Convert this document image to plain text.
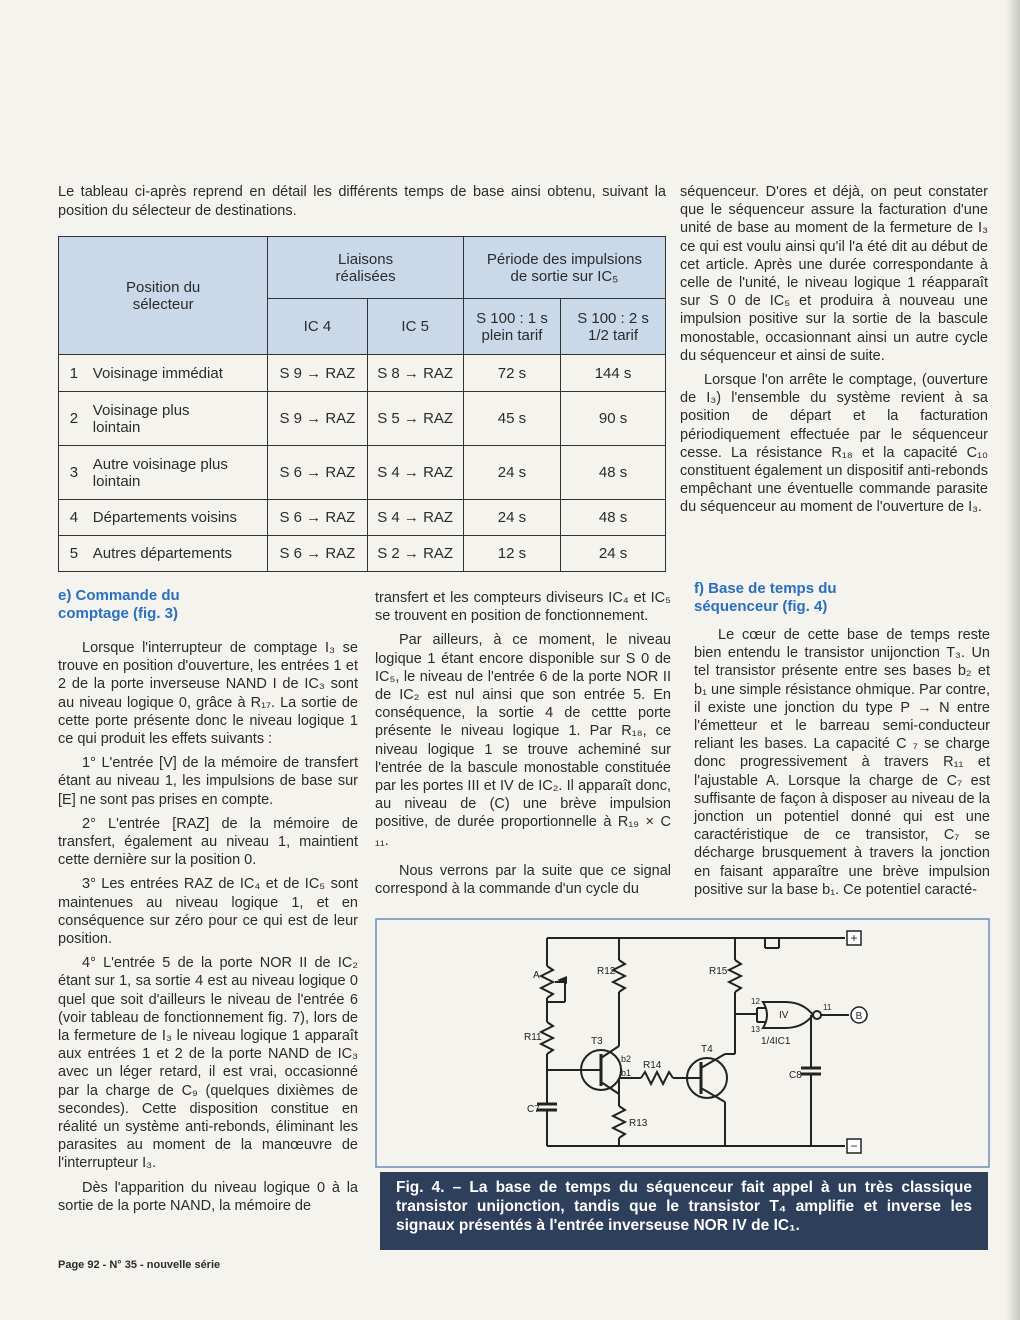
Le tableau ci-après reprend en détail les différents temps de base ainsi obtenu, suivant la position du sélecteur de destinations.
Position du sélecteur		Liaisons réalisées		Période des impulsions de sortie sur IC₅	
		IC 4	IC 5	S 100 : 1 s plein tarif	S 100 : 2 s 1/2 tarif
1	Voisinage immédiat	S 9 → RAZ	S 8 → RAZ	72 s	144 s
2	Voisinage plus lointain	S 9 → RAZ	S 5 → RAZ	45 s	90 s
3	Autre voisinage plus lointain	S 6 → RAZ	S 4 → RAZ	24 s	48 s
4	Départements voisins	S 6 → RAZ	S 4 → RAZ	24 s	48 s
5	Autres départements	S 6 → RAZ	S 2 → RAZ	12 s	24 s

séquenceur. D'ores et déjà, on peut constater que le séquenceur assure la facturation d'une unité de base au moment de la fermeture de I₃ ce qui est voulu ainsi qu'il l'a été dit au début de cet article. Après une durée correspondante à celle de l'unité, le niveau logique 1 réapparaît sur S 0 de IC₅ et produira à nouveau une impulsion positive sur la sortie de la bascule monostable, occasionnant ainsi un autre cycle du séquenceur et ainsi de suite.

Lorsque l'on arrête le comptage, (ouverture de I₃) l'ensemble du système revient à sa position de départ et la facturation périodiquement effectuée par le séquenceur cesse. La résistance R₁₈ et la capacité C₁₀ constituent également un dispositif anti-rebonds empêchant une éventuelle commande parasite du séquenceur au moment de l'ouverture de I₃.

e) Commande du comptage (fig. 3)

Lorsque l'interrupteur de comptage I₃ se trouve en position d'ouverture, les entrées 1 et 2 de la porte inverseuse NAND I de IC₃ sont au niveau logique 0, grâce à R₁₇. La sortie de cette porte présente donc le niveau logique 1 ce qui produit les effets suivants :

1° L'entrée [V] de la mémoire de transfert étant au niveau 1, les impulsions de base sur [E] ne sont pas prises en compte.

2° L'entrée [RAZ] de la mémoire de transfert, également au niveau 1, maintient cette dernière sur la position 0.

3° Les entrées RAZ de IC₄ et de IC₅ sont maintenues au niveau logique 1, et en conséquence sur zéro pour ce qui est de leur position.

4° L'entrée 5 de la porte NOR II de IC₂ étant sur 1, sa sortie 4 est au niveau logique 0 quel que soit d'ailleurs le niveau de l'entrée 6 (voir tableau de fonctionnement fig. 7), lors de la fermeture de I₃ le niveau logique 1 apparaît aux entrées 1 et 2 de la porte NAND de IC₃ avec un léger retard, il est vrai, occasionné par la charge de C₉ (quelques dixièmes de secondes). Cette disposition constitue en réalité un système anti-rebonds, éliminant les parasites au moment de la manœuvre de l'interrupteur I₃.

Dès l'apparition du niveau logique 0 à la sortie de la porte NAND, la mémoire de

transfert et les compteurs diviseurs IC₄ et IC₅ se trouvent en position de fonctionnement.

Par ailleurs, à ce moment, le niveau logique 1 étant encore disponible sur S 0 de IC₅, le niveau de l'entrée 6 de la porte NOR II de IC₂ est nul ainsi que son entrée 5. En conséquence, la sortie 4 de cettte porte présente le niveau logique 1. Par R₁₈, ce niveau logique 1 se trouve acheminé sur l'entrée de la bascule monostable constituée par les portes III et IV de IC₂. Il apparaît donc, au niveau de (C) une brève impulsion positive, de durée proportionnelle à R₁₉ × C ₁₁.

Nous verrons par la suite que ce signal correspond à la commande d'un cycle du

f) Base de temps du séquenceur (fig. 4)

Le cœur de cette base de temps reste bien entendu le transistor unijonction T₃. Un tel transistor présente entre ses bases b₂ et b₁ une simple résistance ohmique. Par contre, il existe une jonction du type P → N entre l'émetteur et le barreau semi-conducteur reliant les bases. La capacité C ₇ se charge donc progressivement à travers R₁₁ et l'ajustable A. Lorsque la charge de C₇ est suffisante de façon à disposer au niveau de la jonction un potentiel donné qui est une caractéristique de ce transistor, C₇ se décharge brusquement à travers la jonction en faisant apparaître une brève impulsion positive sur la base b₁. Ce potentiel caracté-

+
−
B
A	R12	R15
R11	T3
T4
b2
b1
R14
R13
C7
C8
12
13
11
IV
1/4IC1
Fig. 4. – La base de temps du séquenceur fait appel à un très classique transistor unijonction, tandis que le transistor T₄ amplifie et inverse les signaux présentés à l'entrée inverseuse NOR IV de IC₁.
Page 92 - N° 35 - nouvelle série
